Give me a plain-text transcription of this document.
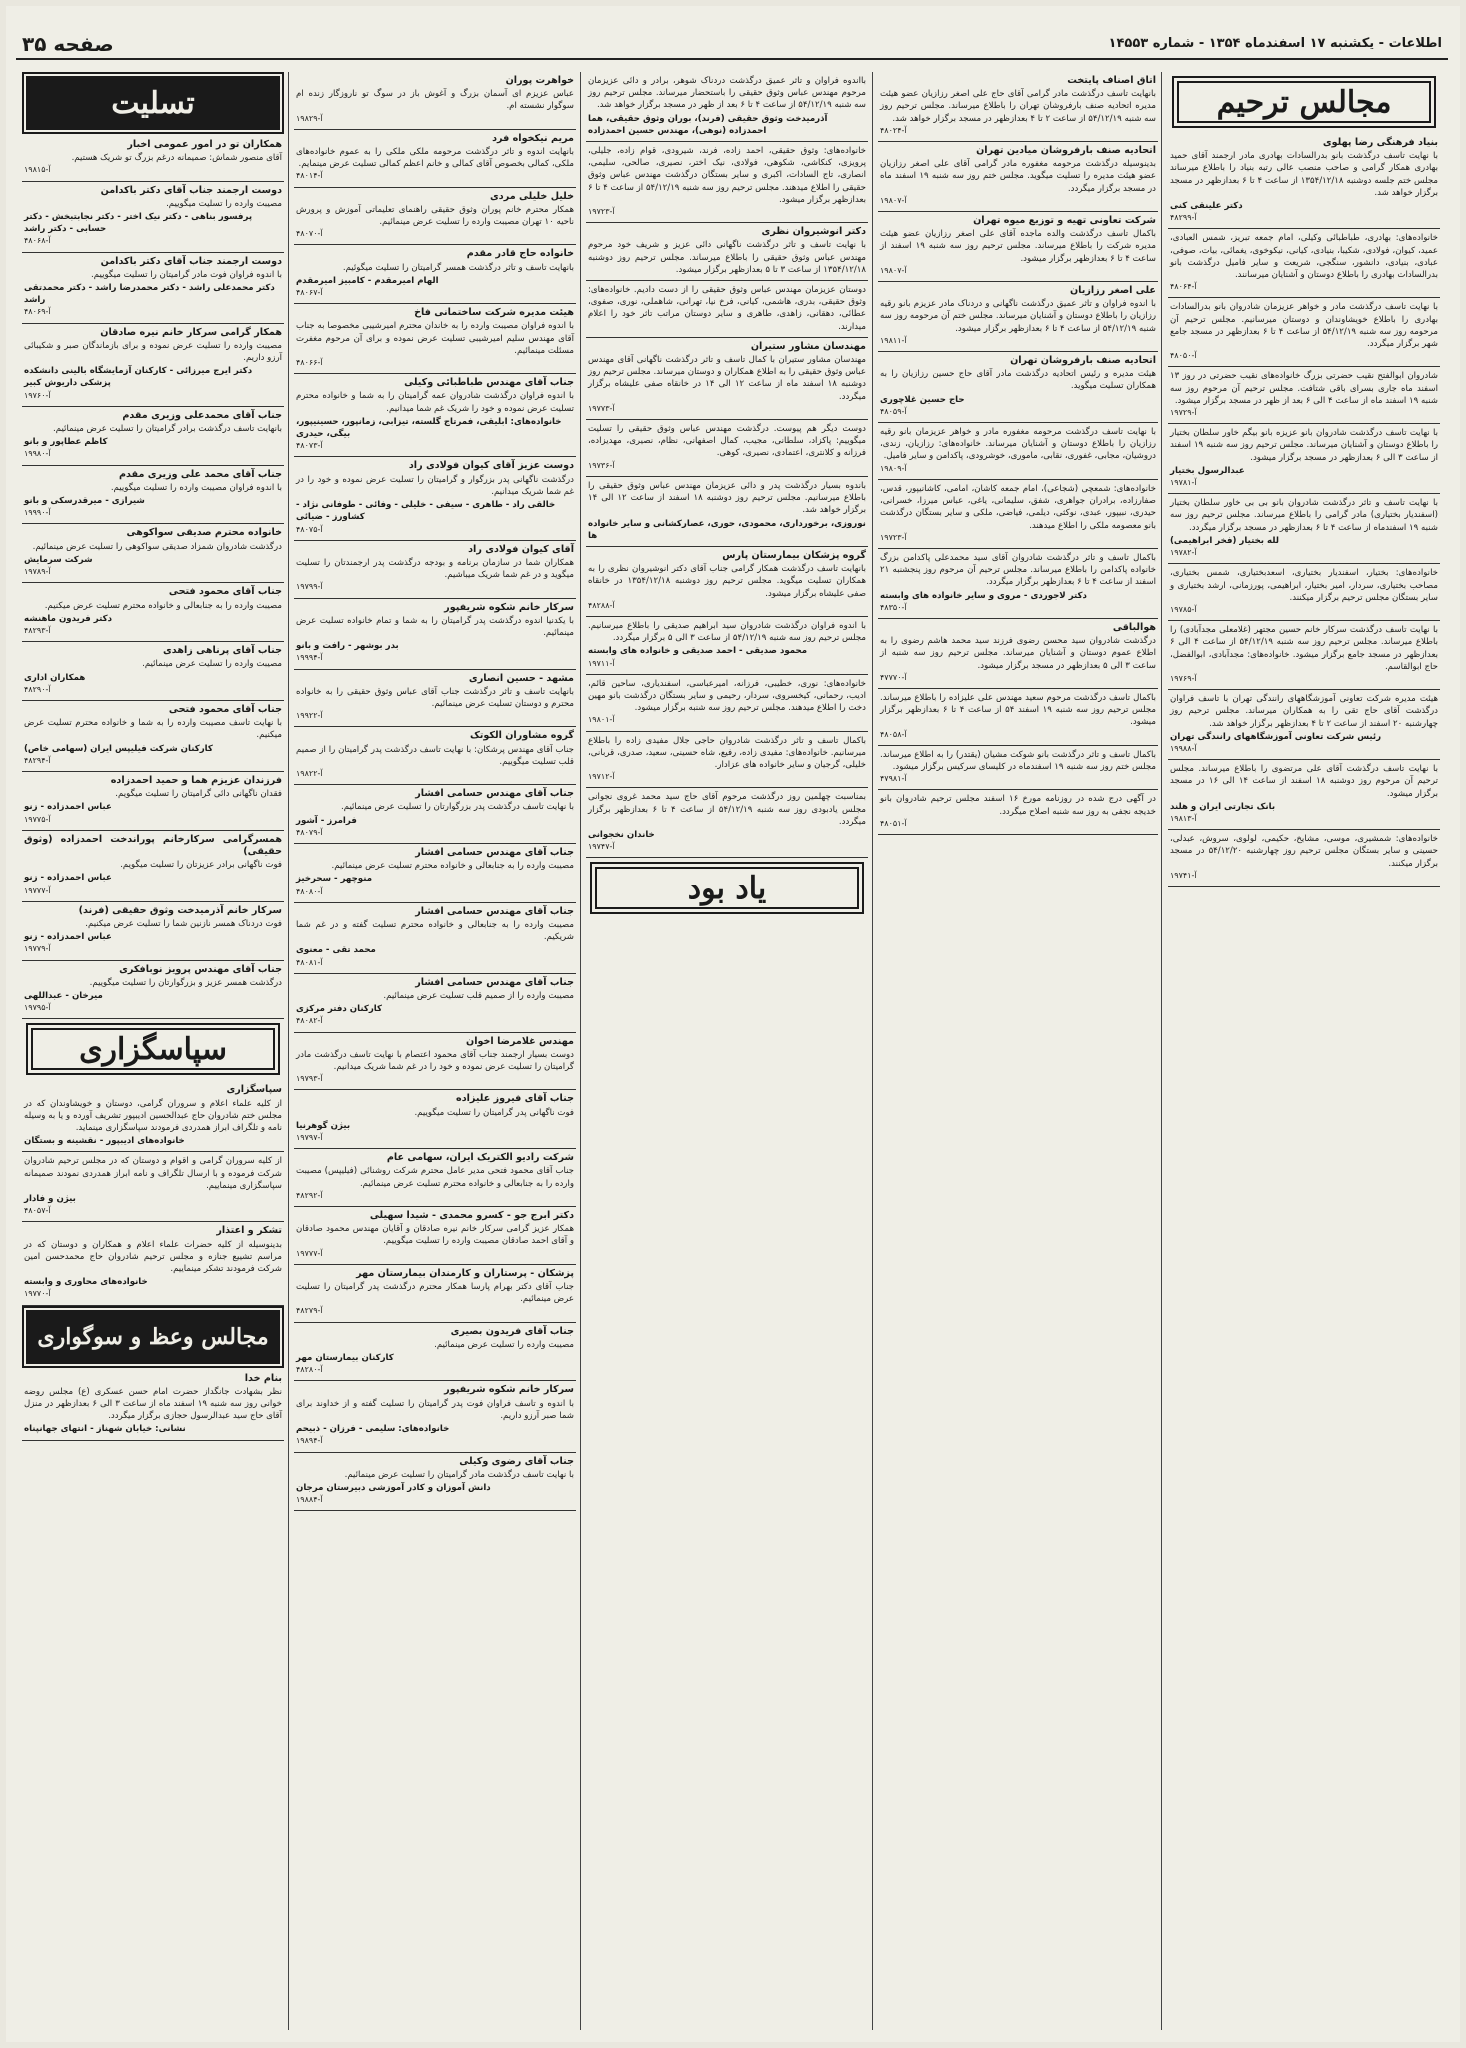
اطلاعات - یکشنبه ۱۷ اسفندماه ۱۳۵۴ - شماره ۱۴۵۵۳
صفحه ۳۵
مجالس ترحیم
بنیاد فرهنگی رضا پهلوی
با نهایت تاسف درگذشت بانو بدرالسادات بهادری مادر ارجمند آقای حمید بهادری همکار گرامی و صاحب منصب عالی رتبه بنیاد را باطلاع میرساند مجلس ختم جلسه دوشنبه ۱۳۵۴/۱۲/۱۸ از ساعت ۴ تا ۶ بعدازظهر در مسجد برگزار خواهد شد.
دکتر علینقی کنی
آ-۴۸۲۹۹
خانواده‌های: بهادری، طباطبائی وکیلی، امام جمعه تبریز، شمس العبادی، عمید، کیوان، فولادی، شکیبا، بنیادی، کیانی، نیکوخوی، یغمائی، بیات، صوفی، عبادی، بنیادی، دانشور، سنگجی، شریعت و سایر فامیل درگذشت بانو بدرالسادات بهادری را باطلاع دوستان و آشنایان میرسانند.
آ-۴۸۰۶۴
با نهایت تاسف درگذشت مادر و خواهر عزیزمان شادروان بانو بدرالسادات بهادری را باطلاع خویشاوندان و دوستان میرسانیم. مجلس ترحیم آن مرحومه روز سه شنبه ۵۴/۱۲/۱۹ از ساعت ۴ تا ۶ بعدازظهر در مسجد جامع شهر برگزار میگردد.
آ-۴۸۰۵۰
شادروان ابوالفتح نقیب حضرتی بزرگ خانواده‌های نقیب حضرتی در روز ۱۳ اسفند ماه جاری بسرای باقی شتافت. مجلس ترحیم آن مرحوم روز سه شنبه ۱۹ اسفند ماه از ساعت ۴ الی ۶ بعد از ظهر در مسجد برگزار میشود.
آ-۱۹۷۲۹
با نهایت تاسف درگذشت شادروان بانو عزیزه بانو بیگم خاور سلطان بختیار را باطلاع دوستان و آشنایان میرساند. مجلس ترحیم روز سه شنبه ۱۹ اسفند از ساعت ۳ الی ۶ بعدازظهر در مسجد برگزار میشود.
عبدالرسول بختیار
آ-۱۹۷۸۱
با نهایت تاسف و تاثر درگذشت شادروان بانو بی بی خاور سلطان بختیار (اسفندیار بختیاری) مادر گرامی را باطلاع میرساند. مجلس ترحیم روز سه شنبه ۱۹ اسفندماه از ساعت ۴ تا ۶ بعدازظهر در مسجد برگزار میگردد.
لله بختیار (فخر ابراهیمی)
آ-۱۹۷۸۲
خانواده‌های: بختیار، اسفندیار بختیاری، اسعدبختیاری، شمس بختیاری، مصاحب بختیاری، سردار، امیر بختیار، ابراهیمی، پورزمانی، ارشد بختیاری و سایر بستگان مجلس ترحیم برگزار میکنند.
آ-۱۹۷۸۵
با نهایت تاسف درگذشت سرکار خانم حسین مجتهر (غلامعلی مجدآبادی) را باطلاع میرساند. مجلس ترحیم روز سه شنبه ۵۴/۱۲/۱۹ از ساعت ۴ الی ۶ بعدازظهر در مسجد جامع برگزار میشود. خانواده‌های: مجدآبادی، ابوالفضل، حاج ابوالقاسم.
آ-۱۹۷۶۹
هیئت مدیره شرکت تعاونی آموزشگاههای رانندگی تهران با تاسف فراوان درگذشت آقای حاج تقی را به همکاران میرساند. مجلس ترحیم روز چهارشنبه ۲۰ اسفند از ساعت ۲ تا ۴ بعدازظهر برگزار خواهد شد.
رئیس شرکت تعاونی آموزشگاههای رانندگی تهران
آ-۱۹۹۸۸
با نهایت تاسف درگذشت آقای علی مرتضوی را باطلاع میرساند. مجلس ترحیم آن مرحوم روز دوشنبه ۱۸ اسفند از ساعت ۱۴ الی ۱۶ در مسجد برگزار میشود.
بانک تجارتی ایران و هلند
آ-۱۹۸۱۳
خانواده‌های: شمشیری، موسی، مشایخ، حکیمی، لولوی، سروش، عبدلی، حسینی و سایر بستگان مجلس ترحیم روز چهارشنبه ۵۴/۱۲/۲۰ در مسجد برگزار میکنند.
آ-۱۹۷۴۱
اتاق اصناف پایتخت
بانهایت تاسف درگذشت مادر گرامی آقای حاج علی اصغر رزازیان عضو هیئت مدیره اتحادیه صنف بارفروشان تهران را باطلاع میرساند. مجلس ترحیم روز سه شنبه ۵۴/۱۲/۱۹ از ساعت ۲ تا ۴ بعدازظهر در مسجد برگزار خواهد شد.
آ-۴۸۰۲۴
اتحادیه صنف بارفروشان میادین تهران
بدینوسیله درگذشت مرحومه مغفوره مادر گرامی آقای علی اصغر رزازیان عضو هیئت مدیره را تسلیت میگوید. مجلس ختم روز سه شنبه ۱۹ اسفند ماه در مسجد برگزار میگردد.
آ-۱۹۸۰۷
شرکت تعاونی تهیه و توزیع میوه تهران
باکمال تاسف درگذشت والده ماجده آقای علی اصغر رزازیان عضو هیئت مدیره شرکت را باطلاع میرساند. مجلس ترحیم روز سه شنبه ۱۹ اسفند از ساعت ۴ تا ۶ بعدازظهر برگزار میشود.
آ-۱۹۸۰۷
علی اصغر رزازیان
با اندوه فراوان و تاثر عمیق درگذشت ناگهانی و دردناک مادر عزیزم بانو رقیه رزازیان را باطلاع دوستان و آشنایان میرساند. مجلس ختم آن مرحومه روز سه شنبه ۵۴/۱۲/۱۹ از ساعت ۴ تا ۶ بعدازظهر برگزار میشود.
آ-۱۹۸۱۱
اتحادیه صنف بارفروشان تهران
هیئت مدیره و رئیس اتحادیه درگذشت مادر آقای حاج حسین رزازیان را به همکاران تسلیت میگوید.
حاج حسین غلاچوری
آ-۴۸۰۵۹
با نهایت تاسف درگذشت مرحومه مغفوره مادر و خواهر عزیزمان بانو رقیه رزازیان را باطلاع دوستان و آشنایان میرساند. خانواده‌های: رزازیان، زندی، دروشیان، مجابی، غفوری، نقابی، ماموری، خوشرودی، پاکدامن و سایر فامیل.
آ-۱۹۸۰۹
خانواده‌های: شمعچی (شجاعی)، امام جمعه کاشان، امامی، کاشانیپور، قدس، صفارزاده، برادران جواهری، شفق، سلیمانی، یاغی، عباس میرزا، خسرانی، حیدری، نبیپور، عبدی، نوکثی، دیلمی، فیاضی، ملکی و سایر بستگان درگذشت بانو معصومه ملکی را اطلاع میدهند.
آ-۱۹۷۲۳
باکمال تاسف و تاثر درگذشت شادروان آقای سید محمدعلی پاکدامن بزرگ خانواده پاکدامن را باطلاع میرساند. مجلس ترحیم آن مرحوم روز پنجشنبه ۲۱ اسفند از ساعت ۴ تا ۶ بعدازظهر برگزار میگردد.
دکتر لاجوردی - مروی و سایر خانواده های وابسته
آ-۴۸۳۵۰
هوالباقی
درگذشت شادروان سید محسن رضوی فرزند سید محمد هاشم رضوی را به اطلاع عموم دوستان و آشنایان میرساند. مجلس ترحیم روز سه شنبه از ساعت ۳ الی ۵ بعدازظهر در مسجد برگزار میشود.
آ-۴۷۷۷۰
باکمال تاسف درگذشت مرحوم سعید مهندس علی علیزاده را باطلاع میرساند. مجلس ترحیم روز سه شنبه ۱۹ اسفند ۵۴ از ساعت ۴ تا ۶ بعدازظهر برگزار میشود.
آ-۴۸۰۵۸
باکمال تاسف و تاثر درگذشت بانو شوکت مشیان (یقتدر) را به اطلاع میرساند. مجلس ختم روز سه شنبه ۱۹ اسفندماه در کلیسای سرکیس برگزار میشود.
آ-۴۷۹۸۱
در آگهی درج شده در روزنامه مورخ ۱۶ اسفند مجلس ترحیم شادروان بانو خدیجه نجفی به روز سه شنبه اصلاح میگردد.
آ-۴۸۰۵۱
بااندوه فراوان و تاثر عمیق درگذشت دردناک شوهر، برادر و دائی عزیزمان مرحوم مهندس عباس وثوق حقیقی را باستحضار میرساند. مجلس ترحیم روز سه شنبه ۵۴/۱۲/۱۹ از ساعت ۴ تا ۶ بعد از ظهر در مسجد برگزار خواهد شد.
آذرمیدخت وثوق حقیقی (فرند)، بوران وثوق حقیقی، هما احمدزاده (نوهی)، مهندس حسین احمدزاده
خانواده‌های: وثوق حقیقی، احمد زاده، فرند، شیرودی، قوام زاده، جلیلی، پرویزی، کنکاشی، شکوهی، فولادی، نیک اختر، نصیری، صالحی، سلیمی، انصاری، تاج السادات، اکبری و سایر بستگان درگذشت مهندس عباس وثوق حقیقی را اطلاع میدهند. مجلس ترحیم روز سه شنبه ۵۴/۱۲/۱۹ از ساعت ۴ تا ۶ بعدازظهر برگزار میشود.
آ-۱۹۷۲۳
دکتر انوشیروان نظری
با نهایت تاسف و تاثر درگذشت ناگهانی دائی عزیز و شریف خود مرحوم مهندس عباس وثوق حقیقی را باطلاع میرساند. مجلس ترحیم روز دوشنبه ۱۳۵۴/۱۲/۱۸ از ساعت ۳ تا ۵ بعدازظهر برگزار میشود.
دوستان عزیزمان مهندس عباس وثوق حقیقی را از دست دادیم. خانواده‌های: وثوق حقیقی، بدری، هاشمی، کیانی، فرخ نیا، تهرانی، شاهملی، نوری، صفوی، عطائی، دهقانی، زاهدی، طاهری و سایر دوستان مراتب تاثر خود را اعلام میدارند.
مهندسان مشاور ستیران
مهندسان مشاور ستیران با کمال تاسف و تاثر درگذشت ناگهانی آقای مهندس عباس وثوق حقیقی را به اطلاع همکاران و دوستان میرساند. مجلس ترحیم روز دوشنبه ۱۸ اسفند ماه از ساعت ۱۲ الی ۱۴ در خانقاه صفی علیشاه برگزار میگردد.
آ-۱۹۷۷۳
دوست دیگر هم پیوست. درگذشت مهندس عباس وثوق حقیقی را تسلیت میگوییم: پاکزاد، سلطانی، مجیب، کمال اصفهانی، نظام، نصیری، مهدیزاده، فرزانه و کلانتری، اعتمادی، نصیری، کوهی.
آ-۱۹۷۳۶
باندوه بسیار درگذشت پدر و دائی عزیزمان مهندس عباس وثوق حقیقی را باطلاع میرسانیم. مجلس ترحیم روز دوشنبه ۱۸ اسفند از ساعت ۱۲ الی ۱۴ برگزار خواهد شد.
نوروزی، برخورداری، محمودی، حوری، عصارکشانی و سایر خانواده ها
گروه پزشکان بیمارستان پارس
بانهایت تاسف درگذشت همکار گرامی جناب آقای دکتر انوشیروان نظری را به همکاران تسلیت میگوید. مجلس ترحیم روز دوشنبه ۱۳۵۴/۱۲/۱۸ در خانقاه صفی علیشاه برگزار میشود.
آ-۴۸۲۸۸
با اندوه فراوان درگذشت شادروان سید ابراهیم صدیقی را باطلاع میرسانیم. مجلس ترحیم روز سه شنبه ۵۴/۱۲/۱۹ از ساعت ۳ الی ۵ برگزار میگردد.
محمود صدیقی - احمد صدیقی و خانواده های وابسته
آ-۱۹۷۱۱
خانواده‌های: نوری، خطیبی، فرزانه، امیرعباسی، اسفندیاری، ساحین قائم، ادیب، رحمانی، کیخسروی، سردار، رحیمی و سایر بستگان درگذشت بانو مهین دخت را اطلاع میدهند. مجلس ترحیم روز سه شنبه برگزار میشود.
آ-۱۹۸۰۱
باکمال تاسف و تاثر درگذشت شادروان حاجی جلال مفیدی زاده را باطلاع میرسانیم. خانواده‌های: مفیدی زاده، رفیع، شاه حسینی، سعید، صدری، قربانی، خلیلی، گرجیان و سایر خانواده های عزادار.
آ-۱۹۷۱۲
بمناسبت چهلمین روز درگذشت مرحوم آقای حاج سید محمد غروی نجوانی مجلس یادبودی روز سه شنبه ۵۴/۱۲/۱۹ از ساعت ۴ تا ۶ بعدازظهر برگزار میگردد.
خاندان نخجوانی
آ-۱۹۷۴۷
یاد بود
خواهرت پوران
عباس عزیزم ای آسمان بزرگ و آغوش باز در سوگ تو ناروزگار زنده ام سوگوار نشسته ام.
آ-۱۹۸۲۹
مریم نیکخواه فرد
بانهایت اندوه و تاثر درگذشت مرحومه ملکی ملکی را به عموم خانواده‌های ملکی، کمالی بخصوص آقای کمالی و خانم اعظم کمالی تسلیت عرض مینمایم.
آ-۴۸۰۱۴
خلیل خلیلی مردی
همکار محترم خانم پوران وثوق حقیقی راهنمای تعلیماتی آموزش و پرورش ناحیه ۱۰ تهران مصیبت وارده را تسلیت عرض مینمائیم.
آ-۴۸۰۷۰
خانواده حاج قادر مقدم
بانهایت تاسف و تاثر درگذشت همسر گرامیتان را تسلیت میگوئیم.
الهام امیرمقدم - کامبیز امیرمقدم
آ-۴۸۰۶۷
هیئت مدیره شرکت ساختمانی فاخ
با اندوه فراوان مصیبت وارده را به خاندان محترم امیرشیبی مخصوصا به جناب آقای مهندس سلیم امیرشیبی تسلیت عرض نموده و برای آن مرحوم مغفرت مسئلت مینمائیم.
آ-۴۸۰۶۶
جناب آقای مهندس طباطبائی وکیلی
با اندوه فراوان درگذشت شادروان عمه گرامیتان را به شما و خانواده محترم تسلیت عرض نموده و خود را شریک غم شما میدانیم.
خانواده‌های: ابلیقی، فمرتاج گلسته، تیزابی، زمانپور، حسینیپور، بیگی، حیدری
آ-۴۸۰۷۳
دوست عزیز آقای کیوان فولادی راد
درگذشت ناگهانی پدر بزرگوار و گرامیتان را تسلیت عرض نموده و خود را در غم شما شریک میدانیم.
خالقی راد - طاهری - سیفی - خلیلی - وفائی - طوفانی نژاد - کشاورز - ضیائی
آ-۴۸۰۷۵
آقای کیوان فولادی راد
همکاران شما در سازمان برنامه و بودجه درگذشت پدر ارجمندتان را تسلیت میگوید و در غم شما شریک میباشیم.
آ-۱۹۷۹۹
سرکار خانم شکوه شریفپور
با یکدنیا اندوه درگذشت پدر گرامیتان را به شما و تمام خانواده تسلیت عرض مینمائیم.
بدر بوشهر - رافت و بانو
آ-۱۹۹۹۴
مشهد - حسین انصاری
بانهایت تاسف و تاثر درگذشت جناب آقای عباس وثوق حقیقی را به خانواده محترم و دوستان تسلیت عرض مینمائیم.
آ-۱۹۹۲۲
گروه مشاوران الکوتک
جناب آقای مهندس پرشکان: با نهایت تاسف درگذشت پدر گرامیتان را از صمیم قلب تسلیت میگوییم.
آ-۱۹۸۲۲
جناب آقای مهندس حسامی افشار
با نهایت تاسف درگذشت پدر بزرگوارتان را تسلیت عرض مینمائیم.
فرامرز - آشور
آ-۴۸۰۷۹
جناب آقای مهندس حسامی افشار
مصیبت وارده را به جنابعالی و خانواده محترم تسلیت عرض مینمائیم.
منوچهر - سحرخیز
آ-۴۸۰۸۰
جناب آقای مهندس حسامی افشار
مصیبت وارده را به جنابعالی و خانواده محترم تسلیت گفته و در غم شما شریکیم.
محمد تقی - معنوی
آ-۴۸۰۸۱
جناب آقای مهندس حسامی افشار
مصیبت وارده را از صمیم قلب تسلیت عرض مینمائیم.
کارکنان دفتر مرکزی
آ-۴۸۰۸۲
مهندس غلامرضا اخوان
دوست بسیار ارجمند جناب آقای محمود اعتصام با نهایت تاسف درگذشت مادر گرامیتان را تسلیت عرض نموده و خود را در غم شما شریک میدانیم.
آ-۱۹۷۹۳
جناب آقای فیروز علیزاده
فوت ناگهانی پدر گرامیتان را تسلیت میگوییم.
بیژن گوهرنیا
آ-۱۹۷۹۷
شرکت رادیو الکتریک ایران، سهامی عام
جناب آقای محمود فتحی مدیر عامل محترم شرکت روشنائی (فیلیپس) مصیبت وارده را به جنابعالی و خانواده محترم تسلیت عرض مینمائیم.
آ-۴۸۲۹۲
دکتر ابرج جو - کسرو محمدی - شیدا سهیلی
همکار عزیز گرامی سرکار خانم نیره صادقان و آقایان مهندس محمود صادقان و آقای احمد صادقان مصیبت وارده را تسلیت میگوییم.
آ-۱۹۷۷۷
پزشکان - پرستاران و کارمندان بیمارستان مهر
جناب آقای دکتر بهرام پارسا همکار محترم درگذشت پدر گرامیتان را تسلیت عرض مینمائیم.
آ-۴۸۲۷۹
جناب آقای فریدون بصیری
مصیبت وارده را تسلیت عرض مینمائیم.
کارکنان بیمارستان مهر
آ-۴۸۲۸۰
سرکار خانم شکوه شریفپور
با اندوه و تاسف فراوان فوت پدر گرامیتان را تسلیت گفته و از خداوند برای شما صبر آرزو داریم.
خانواده‌های: سلیمی - فرزان - ذبیحم
آ-۱۹۸۹۴
جناب آقای رضوی وکیلی
با نهایت تاسف درگذشت مادر گرامیتان را تسلیت عرض مینمائیم.
دانش آموزان و کادر آموزشی دبیرستان مرجان
آ-۱۹۸۸۴
تسلیت
همکاران تو در امور عمومی اخبار
آقای منصور شماش: صمیمانه درغم بزرگ تو شریک هستیم.
آ-۱۹۸۱۵
دوست ارجمند جناب آقای دکتر باکدامن
مصیبت وارده را تسلیت میگوییم.
پرفسور بناهی - دکتر نیک اختر - دکتر نجابتبخش - دکتر حسابی - دکتر راشد
آ-۴۸۰۶۸
دوست ارجمند جناب آقای دکتر باکدامن
با اندوه فراوان فوت مادر گرامیتان را تسلیت میگوییم.
دکتر محمدعلی راشد - دکتر محمدرضا راشد - دکتر محمدتقی راشد
آ-۴۸۰۶۹
همکار گرامی سرکار خانم نیره صادقان
مصیبت وارده را تسلیت عرض نموده و برای بازماندگان صبر و شکیبائی آرزو داریم.
دکتر ایرج میرزائی - کارکنان آزمایشگاه بالینی دانشکده پزشکی داریوش کبیر
آ-۱۹۷۶۰
جناب آقای محمدعلی وزیری مقدم
بانهایت تاسف درگذشت برادر گرامیتان را تسلیت عرض مینمائیم.
کاظم عطاپور و بانو
آ-۱۹۹۸۰
جناب آقای محمد علی وزیری مقدم
با اندوه فراوان مصیبت وارده را تسلیت میگوییم.
شیرازی - میرقدرسکی و بانو
آ-۱۹۹۹۰
خانواده محترم صدیقی سواکوهی
درگذشت شادروان شمزاد صدیقی سواکوهی را تسلیت عرض مینمائیم.
شرکت سرمایش
آ-۱۹۷۸۹
جناب آقای محمود فتحی
مصیبت وارده را به جنابعالی و خانواده محترم تسلیت عرض میکنیم.
دکتر فریدون ماهنشه
آ-۴۸۲۹۳
جناب آقای پرناهی زاهدی
مصیبت وارده را تسلیت عرض مینمائیم.
همکاران اداری
آ-۴۸۲۹۰
جناب آقای محمود فتحی
با نهایت تاسف مصیبت وارده را به شما و خانواده محترم تسلیت عرض میکنیم.
کارکنان شرکت فیلیپس ایران (سهامی خاص)
آ-۴۸۲۹۴
فرزندان عزیزم هما و حمید احمدزاده
فقدان ناگهانی دائی گرامیتان را تسلیت میگویم.
عباس احمدزاده - زنو
آ-۱۹۷۷۵
همسرگرامی سرکارخانم پوراندخت احمدزاده (وثوق حقیقی)
فوت ناگهانی برادر عزیزتان را تسلیت میگویم.
عباس احمدزاده - زنو
آ-۱۹۷۷۷
سرکار خانم آذرمیدخت وثوق حقیقی (فرند)
فوت دردناک همسر نازنین شما را تسلیت عرض میکنیم.
عباس احمدزاده - زنو
آ-۱۹۷۷۹
جناب آقای مهندس پرویز نوبافکری
درگذشت همسر عزیز و بزرگوارتان را تسلیت میگوییم.
میرخان - عبداللهی
آ-۱۹۷۹۵
سپاسگزاری
سپاسگزاری
از کلیه علماء اعلام و سروران گرامی، دوستان و خویشاوندان که در مجلس ختم شادروان حاج عبدالحسین ادیبپور تشریف آورده و یا به وسیله نامه و تلگراف ابراز همدردی فرمودند سپاسگزاری مینماید.
خانواده‌های ادیبپور - نقشینه و بستگان
از کلیه سروران گرامی و اقوام و دوستان که در مجلس ترحیم شادروان شرکت فرموده و با ارسال تلگراف و نامه ابراز همدردی نمودند صمیمانه سپاسگزاری مینماییم.
بیژن و فادار
آ-۴۸۰۵۷
تشکر و اعتذار
بدینوسیله از کلیه حضرات علماء اعلام و همکاران و دوستان که در مراسم تشییع جنازه و مجلس ترحیم شادروان حاج محمدحسن امین شرکت فرمودند تشکر مینماییم.
خانواده‌های محاوری و وابسته
آ-۱۹۷۷۰
مجالس وعظ و سوگواری
بنام خدا
نظر بشهادت جانگداز حضرت امام حسن عسکری (ع) مجلس روضه خوانی روز سه شنبه ۱۹ اسفند ماه از ساعت ۳ الی ۶ بعدازظهر در منزل آقای حاج سید عبدالرسول حجازی برگزار میگردد.
نشانی: خیابان شهناز - انتهای جهانپناه
